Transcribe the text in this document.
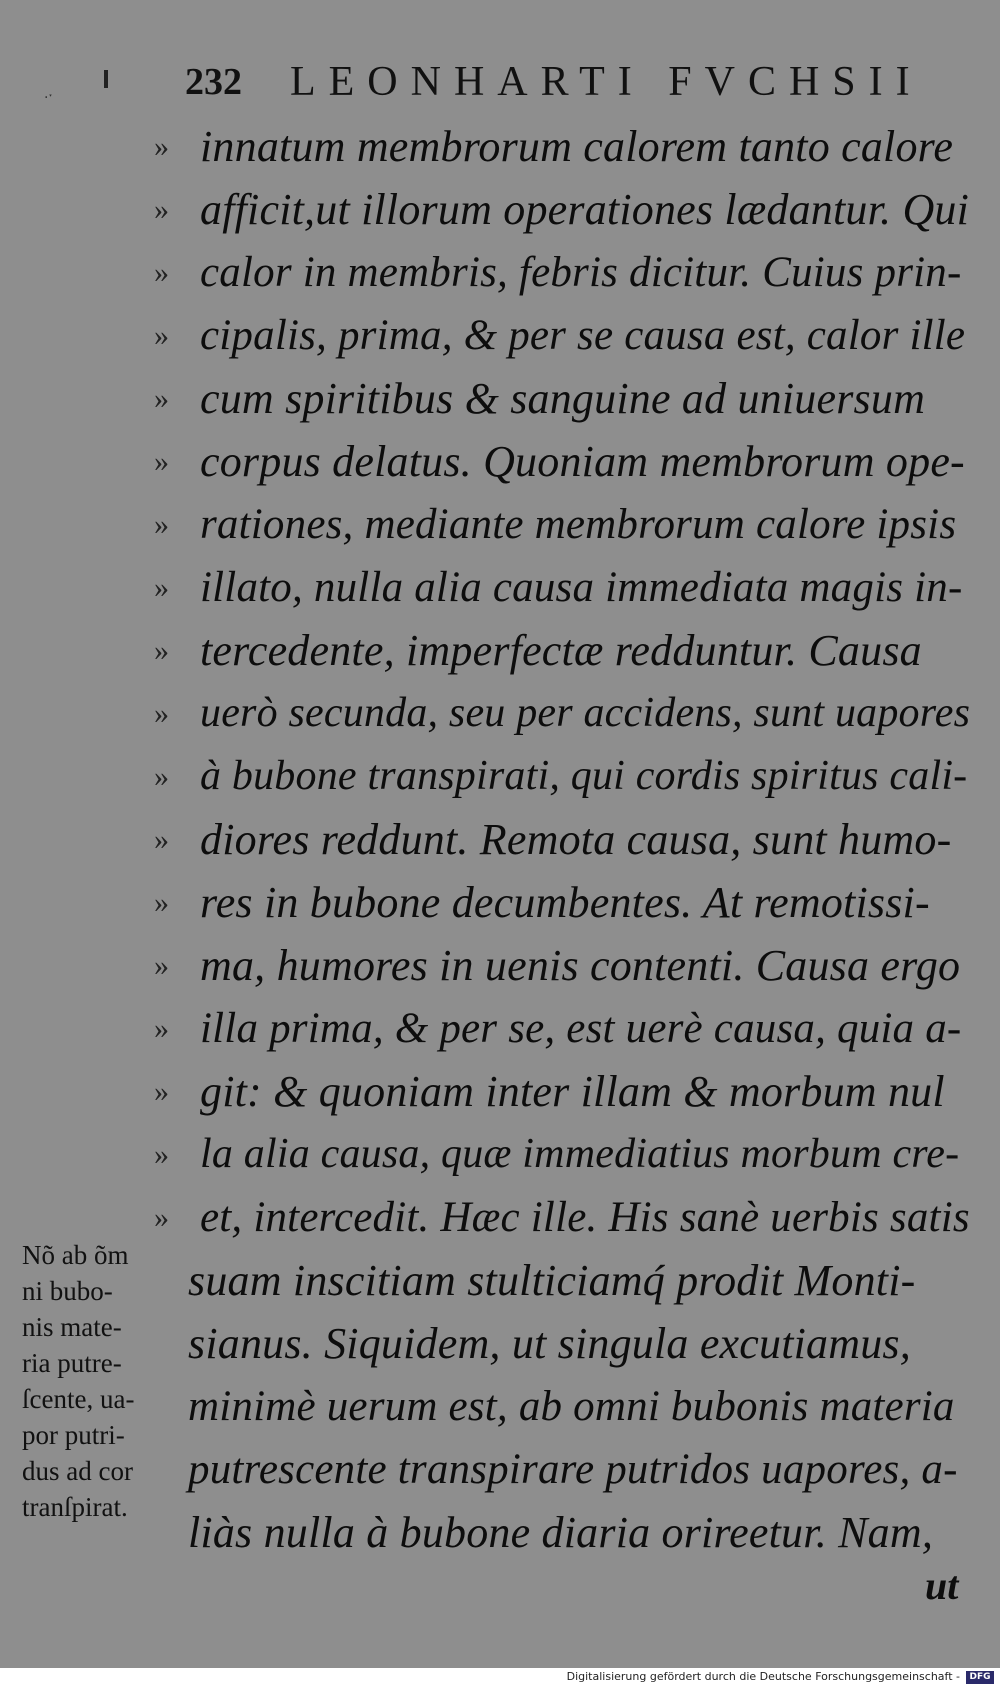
·ˑ	232 LEONHARTI FVCHSII
» innatum membrorum calorem tanto calore
» afficit,ut illorum operationes lædantur. Qui
» calor in membris, febris dicitur. Cuius prin-
» cipalis, prima, & per se causa est, calor ille
» cum spiritibus & sanguine ad uniuersum
» corpus delatus. Quoniam membrorum ope-
» rationes, mediante membrorum calore ipsis
» illato, nulla alia causa immediata magis in-
» tercedente, imperfectæ redduntur. Causa
» uerò secunda, seu per accidens, sunt uapores
» à bubone transpirati, qui cordis spiritus cali-
» diores reddunt. Remota causa, sunt humo-
» res in bubone decumbentes. At remotissi-
» ma, humores in uenis contenti. Causa ergo
» illa prima, & per se, est uerè causa, quia a-
» git: & quoniam inter illam & morbum nul
» la alia causa, quæ immediatius morbum cre-
» et, intercedit. Hæc ille. His sanè uerbis satis
suam inscitiam stulticiamq́ prodit Monti-
sianus. Siquidem, ut singula excutiamus,
minimè uerum est, ab omni bubonis materia
putrescente transpirare putridos uapores, a-
liàs nulla à bubone diaria orireetur. Nam,
Nõ ab õm
ni bubo-
nis mate-
ria putre-
ſcente, ua-
por putri-
dus ad cor
tranſpirat.
ut
Digitalisierung gefördert durch die Deutsche Forschungsgemeinschaft -	DFG
